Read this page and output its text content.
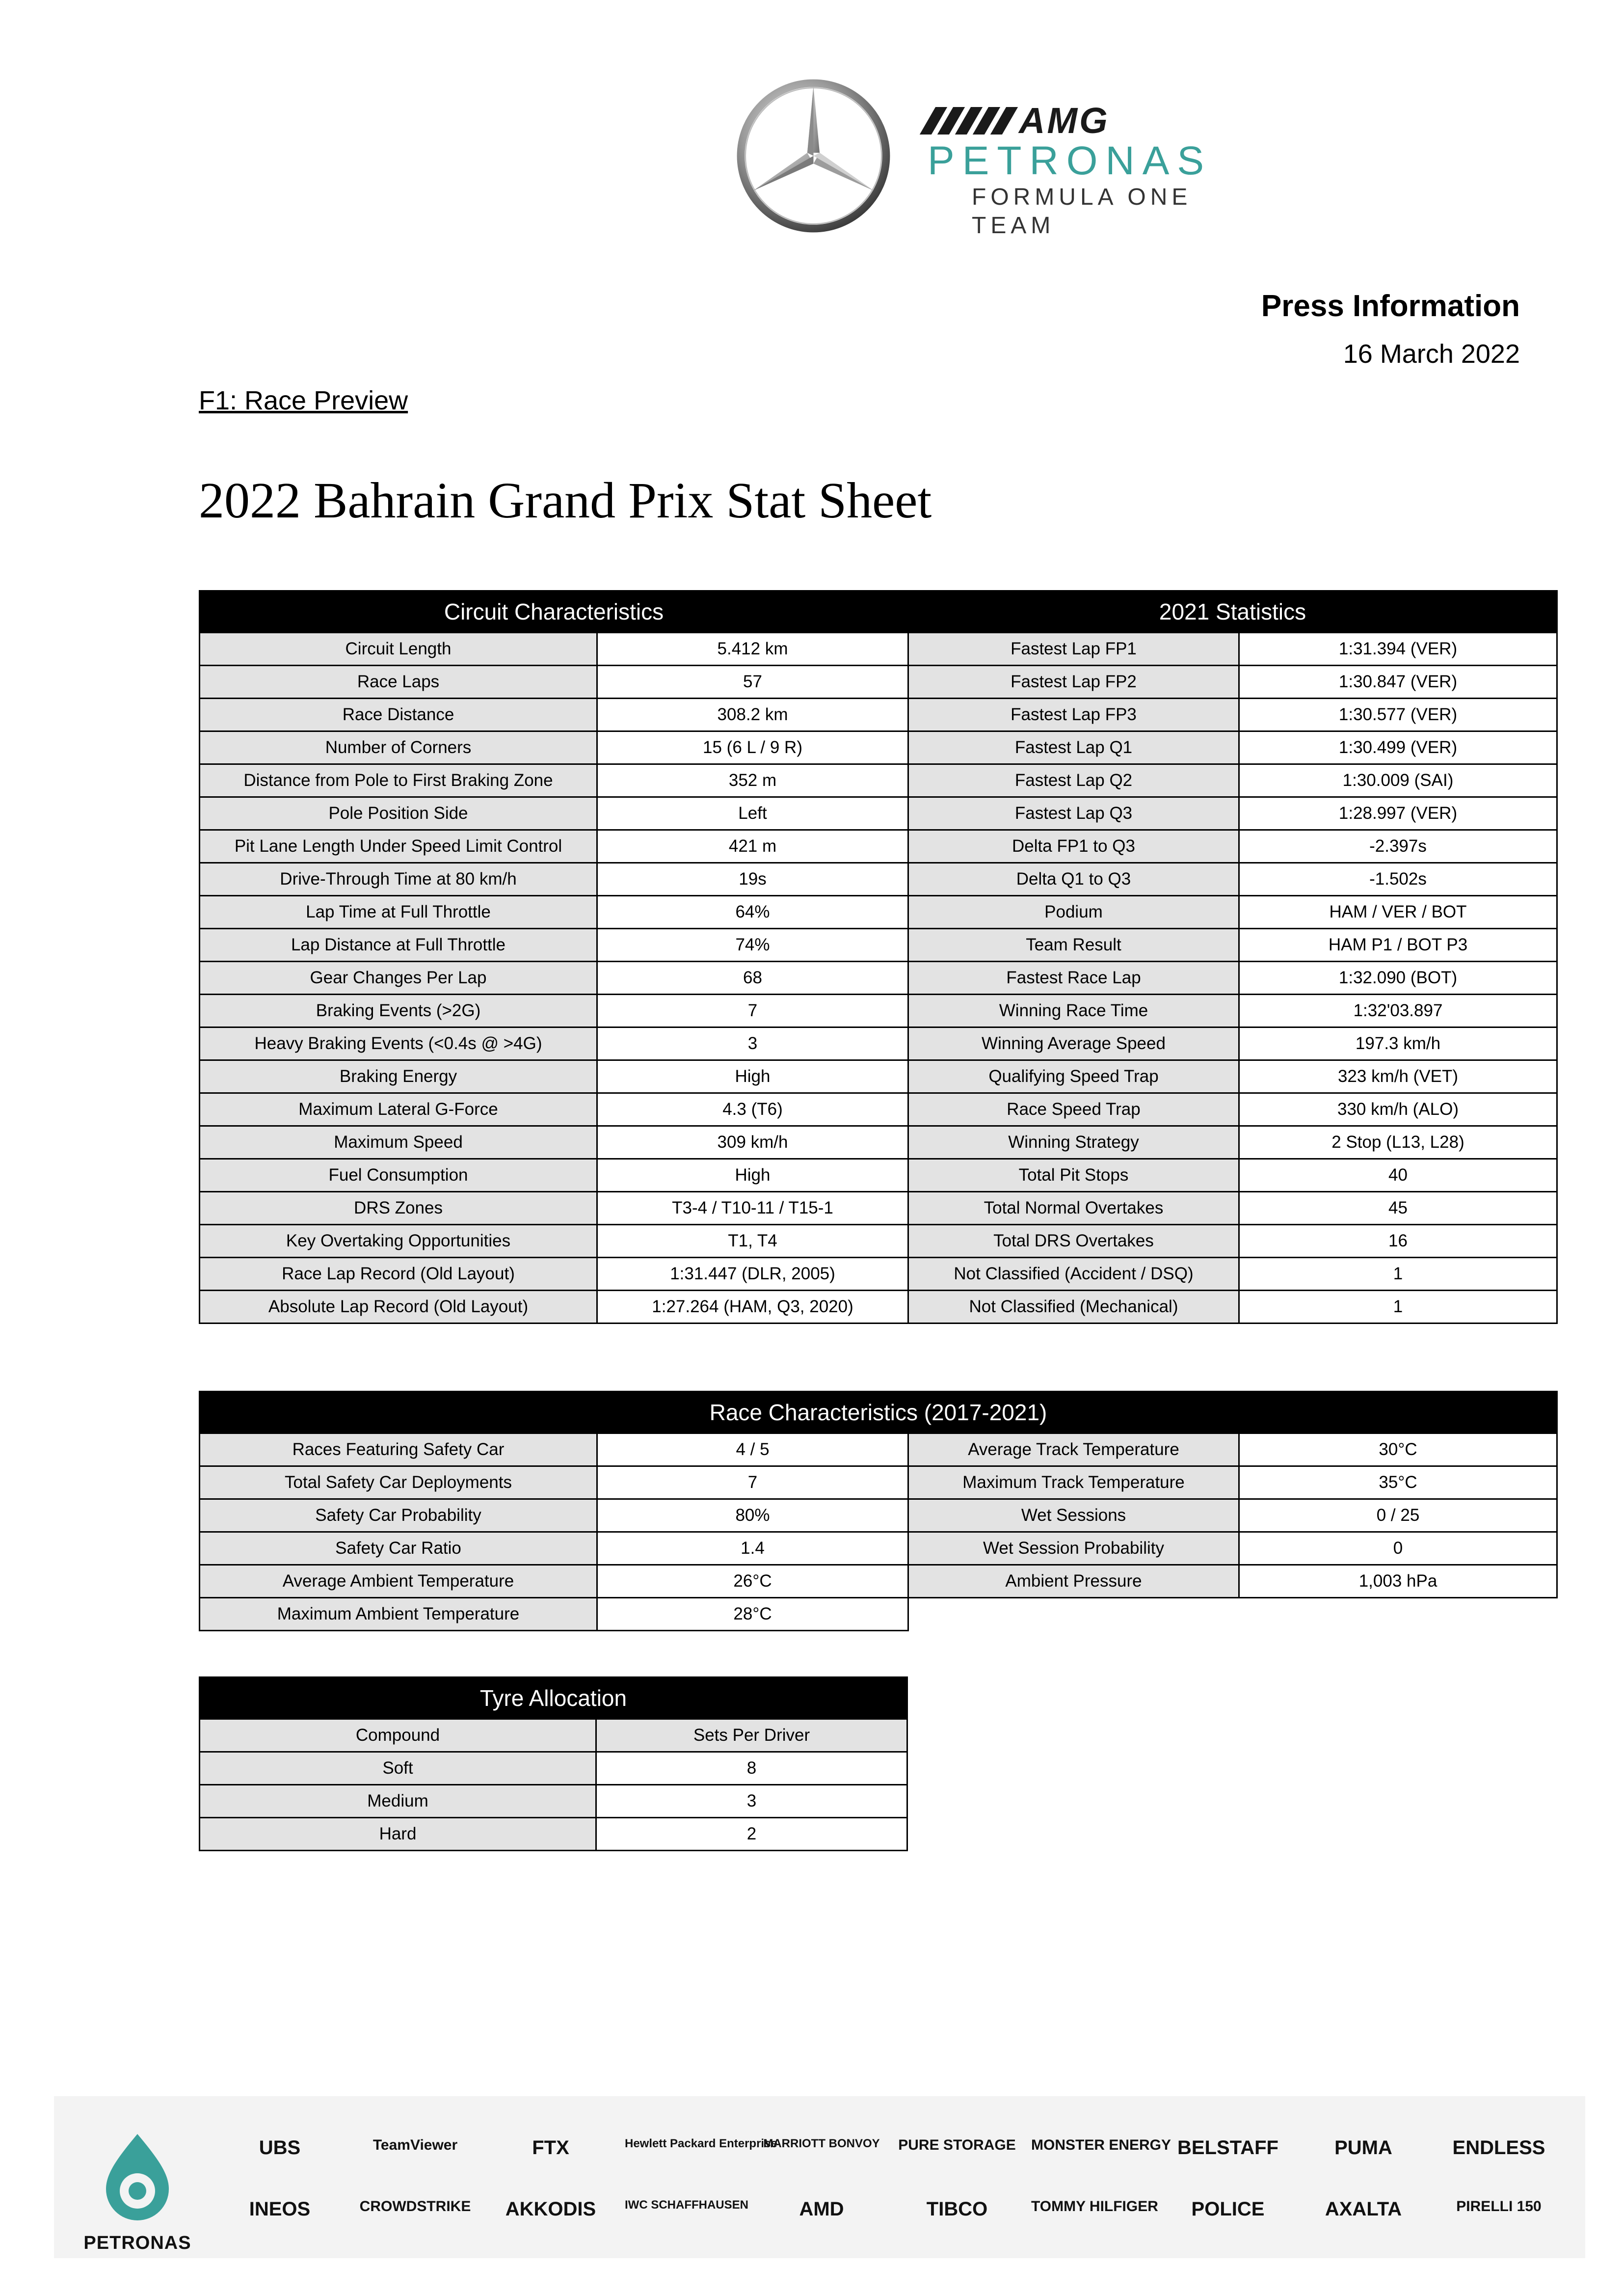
AMG
PETRONAS
FORMULA ONE TEAM
Press Information
16 March 2022
F1: Race Preview
2022 Bahrain Grand Prix Stat Sheet
Circuit Characteristics		2021 Statistics	
Circuit Length	5.412 km	Fastest Lap FP1	1:31.394 (VER)
Race Laps	57	Fastest Lap FP2	1:30.847 (VER)
Race Distance	308.2 km	Fastest Lap FP3	1:30.577 (VER)
Number of Corners	15 (6 L / 9 R)	Fastest Lap Q1	1:30.499 (VER)
Distance from Pole to First Braking Zone	352 m	Fastest Lap Q2	1:30.009 (SAI)
Pole Position Side	Left	Fastest Lap Q3	1:28.997 (VER)
Pit Lane Length Under Speed Limit Control	421 m	Delta FP1 to Q3	-2.397s
Drive-Through Time at 80 km/h	19s	Delta Q1 to Q3	-1.502s
Lap Time at Full Throttle	64%	Podium	HAM / VER / BOT
Lap Distance at Full Throttle	74%	Team Result	HAM P1 / BOT P3
Gear Changes Per Lap	68	Fastest Race Lap	1:32.090 (BOT)
Braking Events (>2G)	7	Winning Race Time	1:32'03.897
Heavy Braking Events (<0.4s @ >4G)	3	Winning Average Speed	197.3 km/h
Braking Energy	High	Qualifying Speed Trap	323 km/h (VET)
Maximum Lateral G-Force	4.3 (T6)	Race Speed Trap	330 km/h (ALO)
Maximum Speed	309 km/h	Winning Strategy	2 Stop (L13, L28)
Fuel Consumption	High	Total Pit Stops	40
DRS Zones	T3-4 / T10-11 / T15-1	Total Normal Overtakes	45
Key Overtaking Opportunities	T1, T4	Total DRS Overtakes	16
Race Lap Record (Old Layout)	1:31.447 (DLR, 2005)	Not Classified (Accident / DSQ)	1
Absolute Lap Record (Old Layout)	1:27.264 (HAM, Q3, 2020)	Not Classified (Mechanical)	1
Race Characteristics (2017-2021)			
Races Featuring Safety Car	4 / 5	Average Track Temperature	30°C
Total Safety Car Deployments	7	Maximum Track Temperature	35°C
Safety Car Probability	80%	Wet Sessions	0 / 25
Safety Car Ratio	1.4	Wet Session Probability	0
Average Ambient Temperature	26°C	Ambient Pressure	1,003 hPa
Maximum Ambient Temperature	28°C		
Tyre Allocation	
Compound	Sets Per Driver
Soft	8
Medium	3
Hard	2
PETRONAS
UBS	TeamViewer	FTX	Hewlett Packard Enterprise
MARRIOTT BONVOY PURE STORAGE MONSTER ENERGY BELSTAFF	PUMA	ENDLESS
INEOS	CROWDSTRIKE	AKKODIS	IWC SCHAFFHAUSEN	AMD	TIBCO	TOMMY HILFIGER	POLICE	AXALTA	PIRELLI 150
